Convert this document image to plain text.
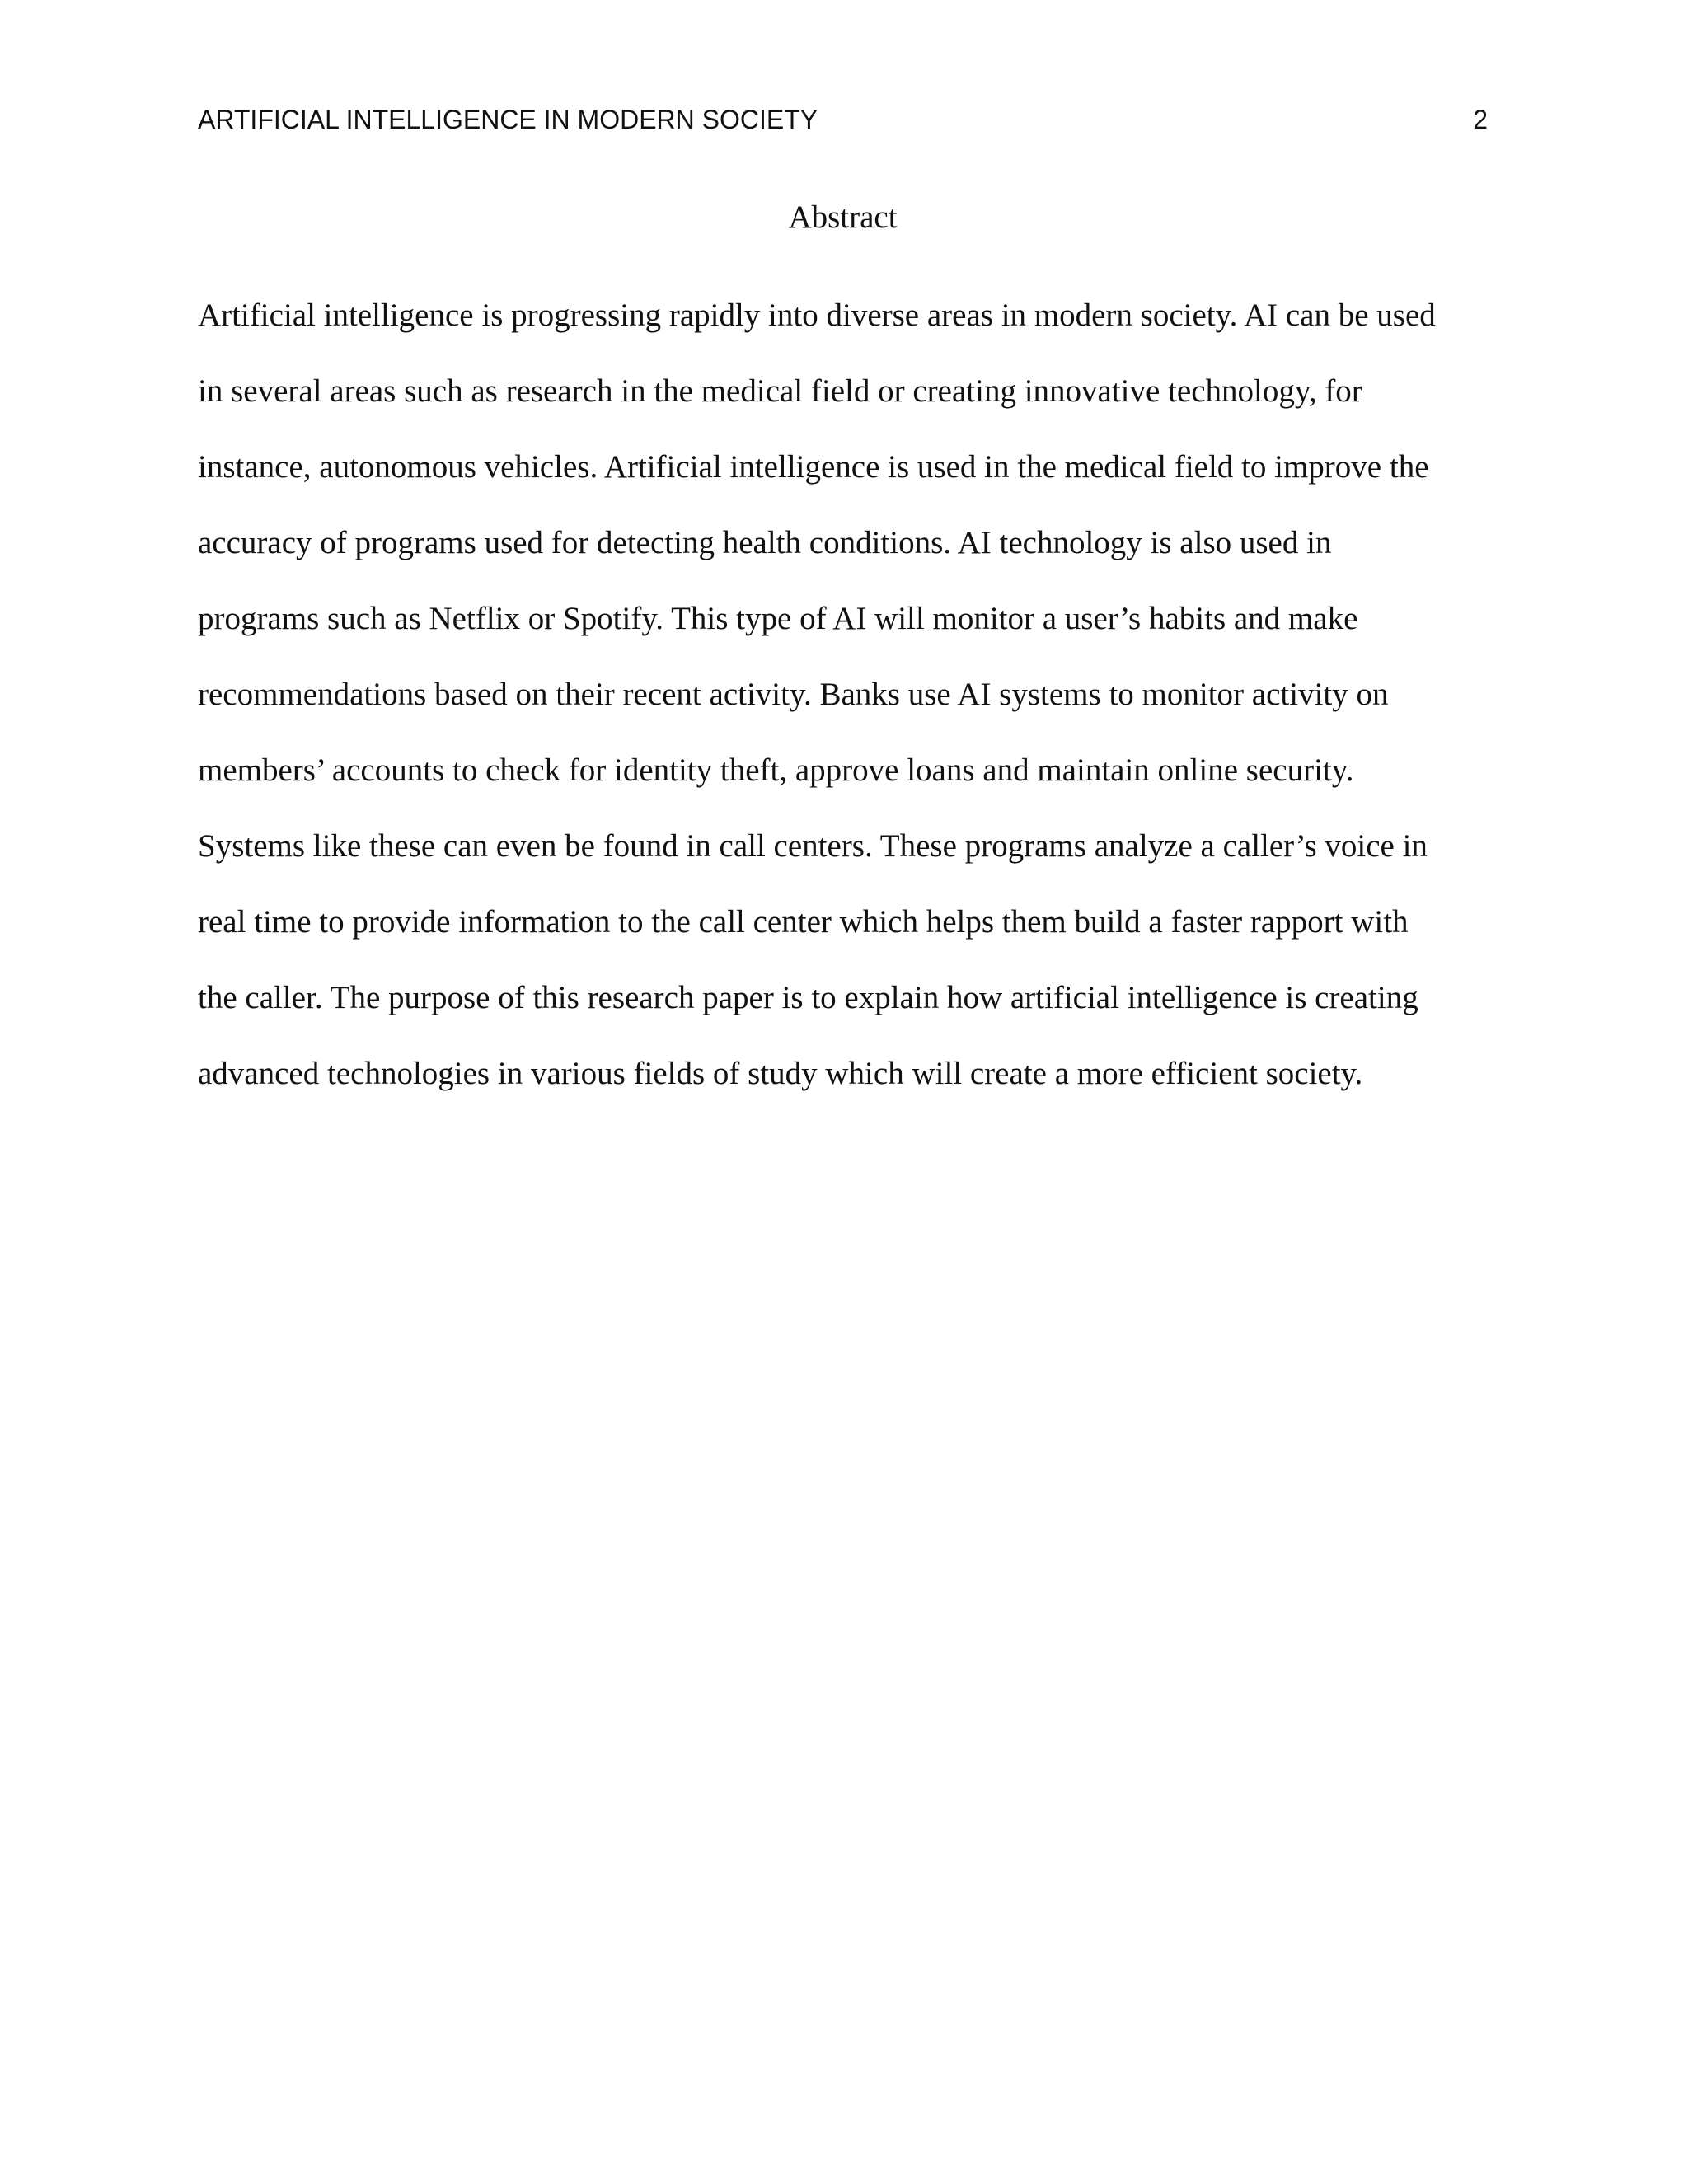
ARTIFICIAL INTELLIGENCE IN MODERN SOCIETY	2
Abstract
Artificial intelligence is progressing rapidly into diverse areas in modern society. AI can be used
in several areas such as research in the medical field or creating innovative technology, for
instance, autonomous vehicles. Artificial intelligence is used in the medical field to improve the
accuracy of programs used for detecting health conditions. AI technology is also used in
programs such as Netflix or Spotify. This type of AI will monitor a user’s habits and make
recommendations based on their recent activity. Banks use AI systems to monitor activity on
members’ accounts to check for identity theft, approve loans and maintain online security.
Systems like these can even be found in call centers. These programs analyze a caller’s voice in
real time to provide information to the call center which helps them build a faster rapport with
the caller. The purpose of this research paper is to explain how artificial intelligence is creating
advanced technologies in various fields of study which will create a more efficient society.
